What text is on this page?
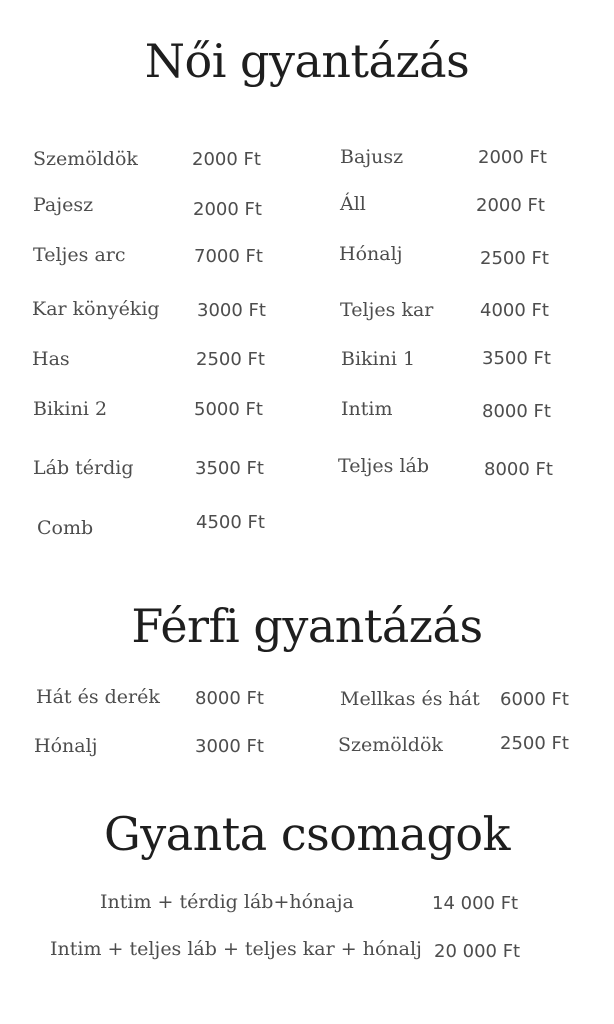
Női gyantázás
Szemöldök	2000 Ft	Bajusz	2000 Ft
Pajesz	2000 Ft	Áll	2000 Ft
Teljes arc	7000 Ft	Hónalj	2500 Ft
Kar könyékig 3000 Ft	Teljes kar	4000 Ft
Has	2500 Ft	Bikini 1	3500 Ft
Bikini 2	5000 Ft	Intim	8000 Ft
Láb térdig	3500 Ft	Teljes láb	8000 Ft
Comb	4500 Ft
Férfi gyantázás
Hát és derék 8000 Ft	Mellkas és hát 6000 Ft
Hónalj	3000 Ft	Szemöldök	2500 Ft
Gyanta csomagok
Intim + térdig láb+hónaja	14 000 Ft
Intim + teljes láb + teljes kar + hónalj 20 000 Ft
